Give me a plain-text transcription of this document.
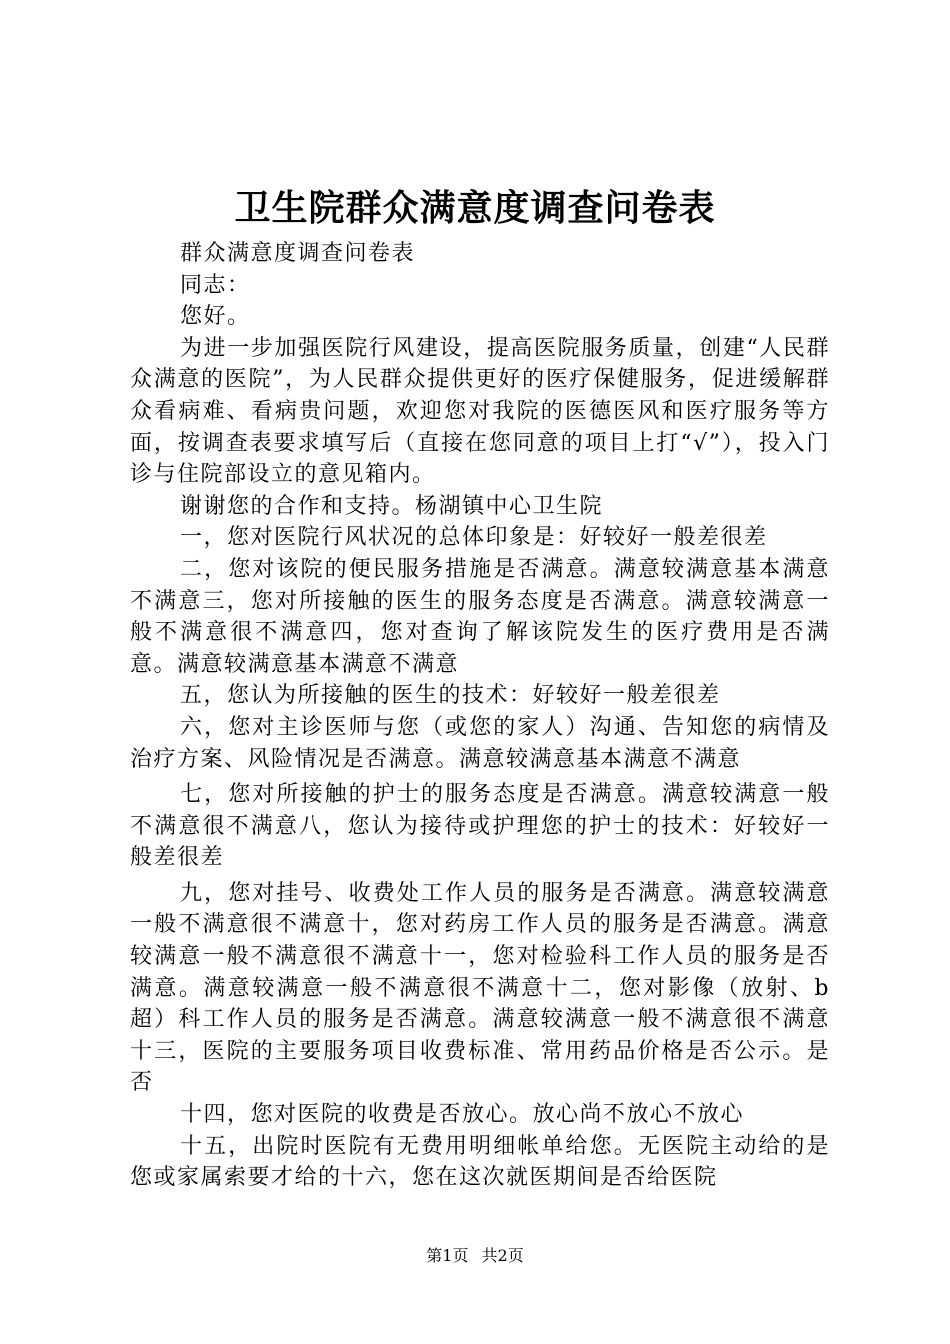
卫生院群众满意度调查问卷表

群众满意度调查问卷表

同志：

您好。

为进一步加强医院行风建设，提高医院服务质量，创建“人民群众满意的医院”，为人民群众提供更好的医疗保健服务，促进缓解群众看病难、看病贵问题，欢迎您对我院的医德医风和医疗服务等方面，按调查表要求填写后（直接在您同意的项目上打“√”），投入门诊与住院部设立的意见箱内。

谢谢您的合作和支持。杨湖镇中心卫生院

一，您对医院行风状况的总体印象是：好较好一般差很差

二，您对该院的便民服务措施是否满意。满意较满意基本满意不满意三，您对所接触的医生的服务态度是否满意。满意较满意一般不满意很不满意四，您对查询了解该院发生的医疗费用是否满意。满意较满意基本满意不满意

五，您认为所接触的医生的技术：好较好一般差很差

六，您对主诊医师与您（或您的家人）沟通、告知您的病情及治疗方案、风险情况是否满意。满意较满意基本满意不满意

七，您对所接触的护士的服务态度是否满意。满意较满意一般不满意很不满意八，您认为接待或护理您的护士的技术：好较好一般差很差

九，您对挂号、收费处工作人员的服务是否满意。满意较满意一般不满意很不满意十，您对药房工作人员的服务是否满意。满意较满意一般不满意很不满意十一，您对检验科工作人员的服务是否满意。满意较满意一般不满意很不满意十二，您对影像（放射、b超）科工作人员的服务是否满意。满意较满意一般不满意很不满意十三，医院的主要服务项目收费标准、常用药品价格是否公示。是否

十四，您对医院的收费是否放心。放心尚不放心不放心

十五，出院时医院有无费用明细帐单给您。无医院主动给的是您或家属索要才给的十六，您在这次就医期间是否给医院

第1页 共2页
